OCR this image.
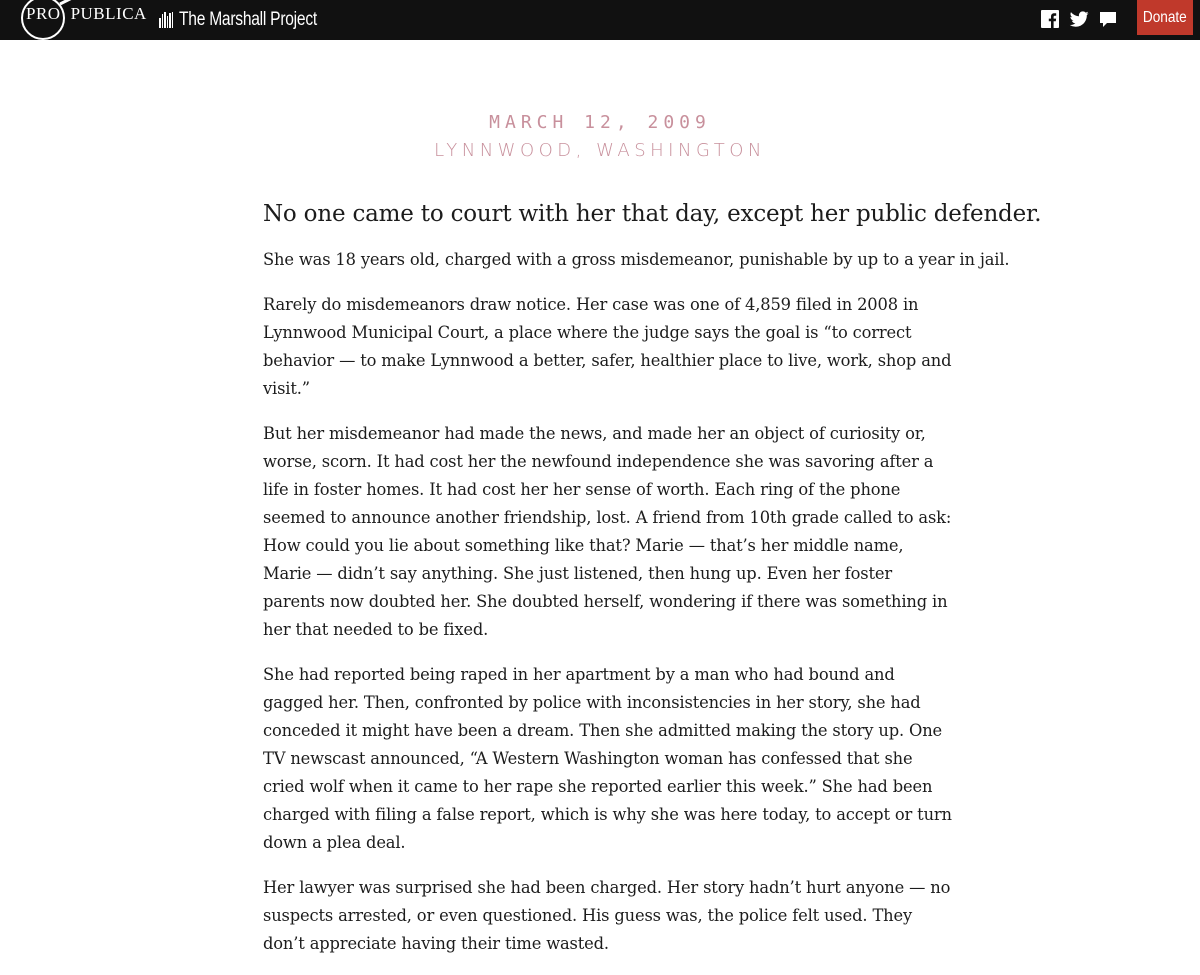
PRO PUBLICA The Marshall Project	Donate
MARCH 12, 2009
LYNNWOOD, WASHINGTON

No one came to court with her that day, except her public defender.

She was 18 years old, charged with a gross misdemeanor, punishable by up to a year in jail.

Rarely do misdemeanors draw notice. Her case was one of 4,859 filed in 2008 in Lynnwood Municipal Court, a place where the judge says the goal is “to correct behavior — to make Lynnwood a better, safer, healthier place to live, work, shop and visit.”

But her misdemeanor had made the news, and made her an object of curiosity or, worse, scorn. It had cost her the newfound independence she was savoring after a life in foster homes. It had cost her her sense of worth. Each ring of the phone seemed to announce another friendship, lost. A friend from 10th grade called to ask: How could you lie about something like that? Marie — that’s her middle name, Marie — didn’t say anything. She just listened, then hung up. Even her foster parents now doubted her. She doubted herself, wondering if there was something in her that needed to be fixed.

She had reported being raped in her apartment by a man who had bound and gagged her. Then, confronted by police with inconsistencies in her story, she had conceded it might have been a dream. Then she admitted making the story up. One TV newscast announced, “A Western Washington woman has confessed that she cried wolf when it came to her rape she reported earlier this week.” She had been charged with filing a false report, which is why she was here today, to accept or turn down a plea deal.

Her lawyer was surprised she had been charged. Her story hadn’t hurt anyone — no suspects arrested, or even questioned. His guess was, the police felt used. They don’t appreciate having their time wasted.
